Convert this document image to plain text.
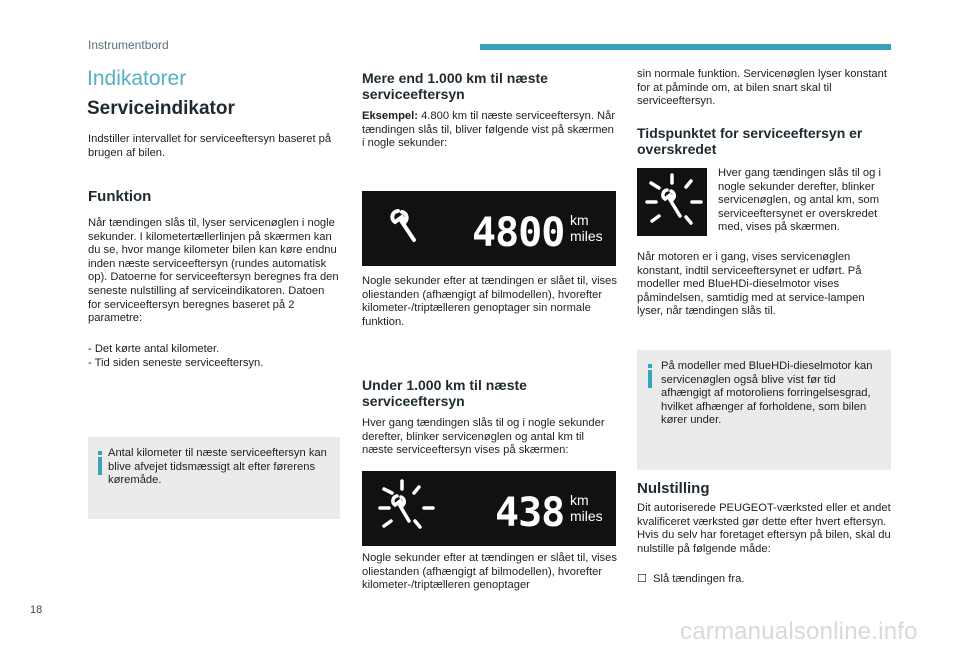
Instrumentbord
Indikatorer
Serviceindikator

Indstiller intervallet for serviceeftersyn baseret på brugen af bilen.

Funktion

Når tændingen slås til, lyser servicenøglen i nogle sekunder. I kilometertællerlinjen på skærmen kan du se, hvor mange kilometer bilen kan køre endnu inden næste serviceeftersyn (rundes automatisk op). Datoerne for serviceeftersyn beregnes fra den seneste nulstilling af serviceindikatoren. Datoen for serviceeftersyn beregnes baseret på 2 parametre:

- Det kørte antal kilometer.
- Tid siden seneste serviceeftersyn.

Antal kilometer til næste serviceeftersyn kan blive afvejet tidsmæssigt alt efter førerens køremåde.

Mere end 1.000 km til næste serviceeftersyn

Eksempel: 4.800 km til næste serviceeftersyn. Når tændingen slås til, bliver følgende vist på skærmen i nogle sekunder:

4800 km
miles

Nogle sekunder efter at tændingen er slået til, vises oliestanden (afhængigt af bilmodellen), hvorefter kilometer-/triptælleren genoptager sin normale funktion.

Under 1.000 km til næste serviceeftersyn

Hver gang tændingen slås til og i nogle sekunder derefter, blinker servicenøglen og antal km til næste serviceeftersyn vises på skærmen:

438 km
miles

Nogle sekunder efter at tændingen er slået til, vises oliestanden (afhængigt af bilmodellen), hvorefter kilometer-/triptælleren genoptager

sin normale funktion. Servicenøglen lyser konstant for at påminde om, at bilen snart skal til serviceeftersyn.

Tidspunktet for serviceeftersyn er overskredet

Hver gang tændingen slås til og i nogle sekunder derefter, blinker servicenøglen, og antal km, som serviceeftersynet er overskredet med, vises på skærmen.

Når motoren er i gang, vises servicenøglen konstant, indtil serviceeftersynet er udført. På modeller med BlueHDi-dieselmotor vises påmindelsen, samtidig med at service-lampen lyser, når tændingen slås til.

På modeller med BlueHDi-dieselmotor kan servicenøglen også blive vist før tid afhængigt af motoroliens forringelsesgrad, hvilket afhænger af forholdene, som bilen kører under.

Nulstilling

Dit autoriserede PEUGEOT-værksted eller et andet kvalificeret værksted gør dette efter hvert eftersyn. Hvis du selv har foretaget eftersyn på bilen, skal du nulstille på følgende måde:

☐ Slå tændingen fra.
18
carmanualsonline.info
